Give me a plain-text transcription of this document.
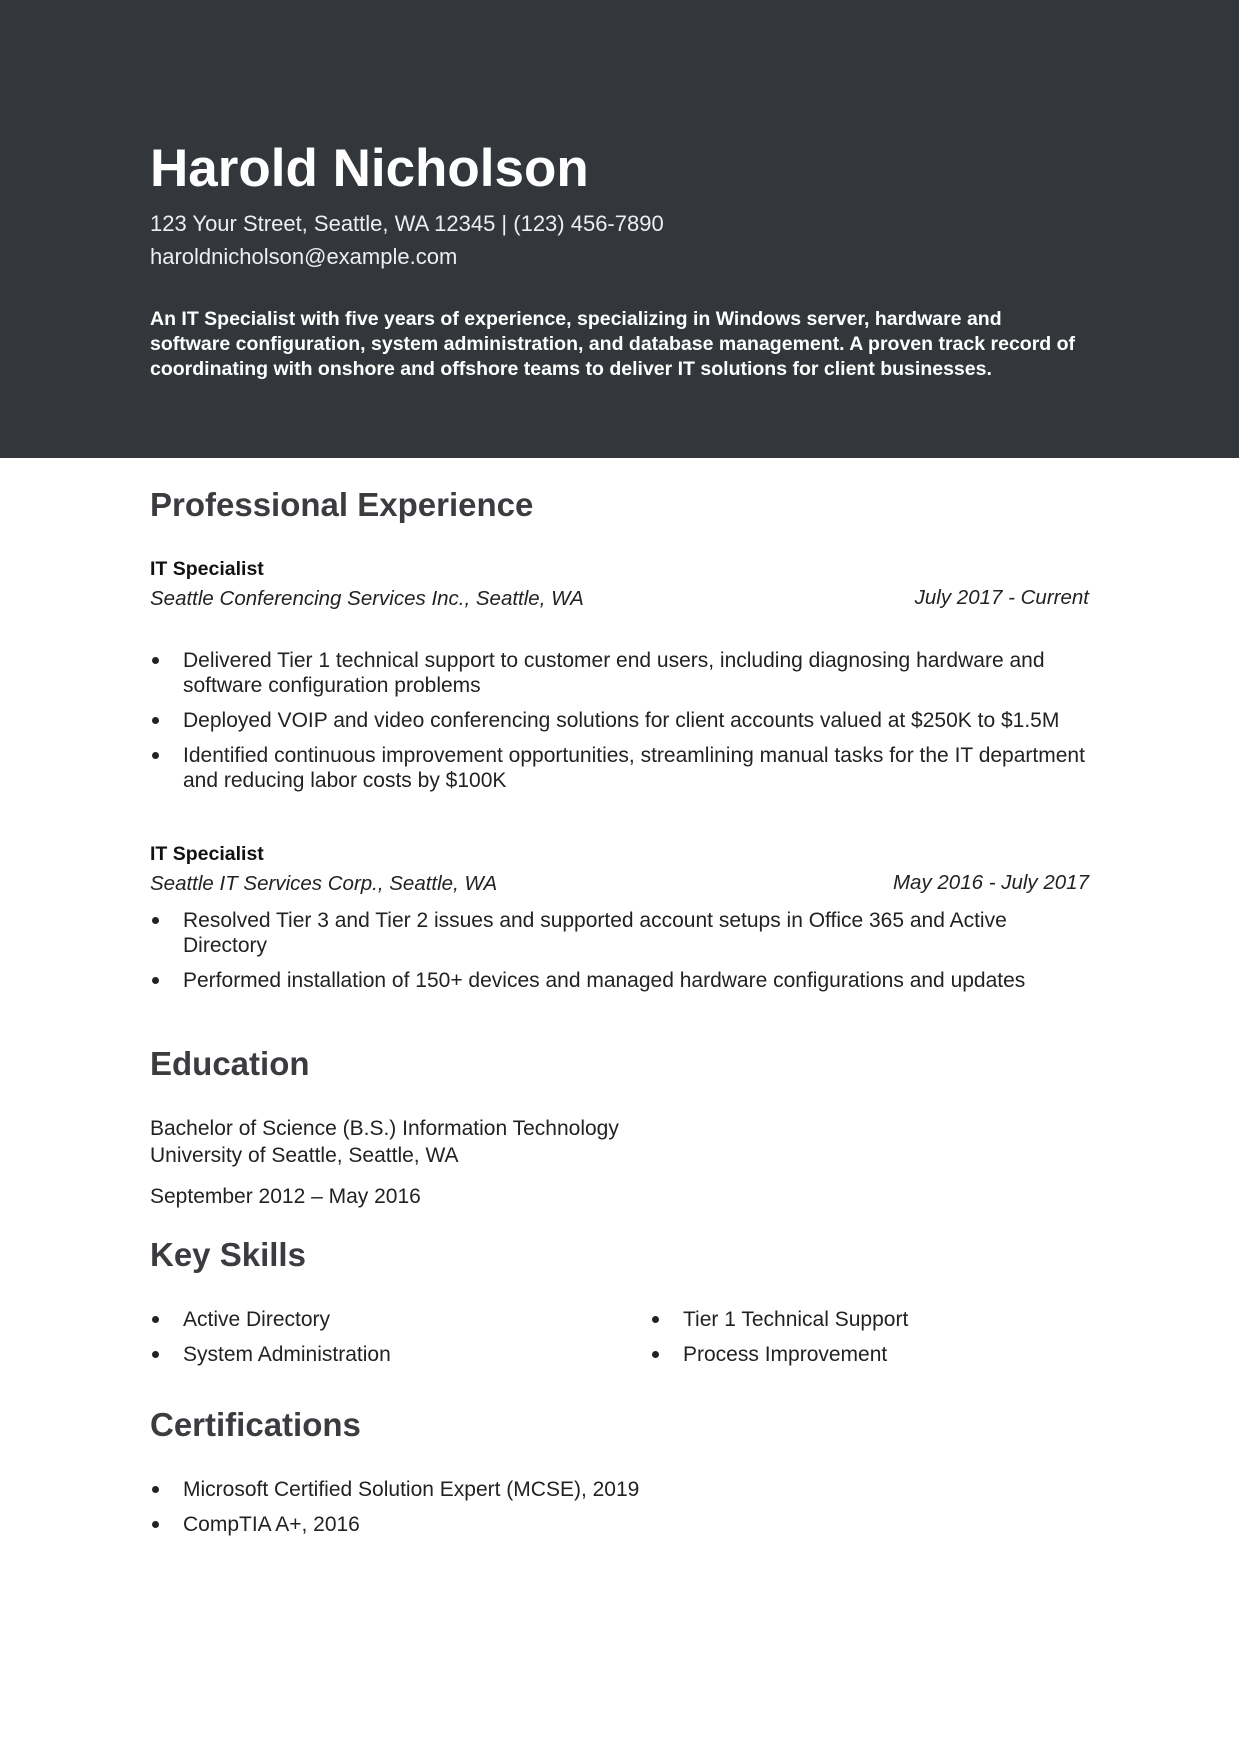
Harold Nicholson
123 Your Street, Seattle, WA 12345 | (123) 456-7890
haroldnicholson@example.com
An IT Specialist with five years of experience, specializing in Windows server, hardware and software configuration, system administration, and database management. A proven track record of coordinating with onshore and offshore teams to deliver IT solutions for client businesses.
Professional Experience
IT Specialist
Seattle Conferencing Services Inc., Seattle, WA	July 2017 - Current
Delivered Tier 1 technical support to customer end users, including diagnosing hardware and software configuration problems
Deployed VOIP and video conferencing solutions for client accounts valued at $250K to $1.5M
Identified continuous improvement opportunities, streamlining manual tasks for the IT department and reducing labor costs by $100K
IT Specialist
Seattle IT Services Corp., Seattle, WA	May 2016 - July 2017
Resolved Tier 3 and Tier 2 issues and supported account setups in Office 365 and Active Directory
Performed installation of 150+ devices and managed hardware configurations and updates
Education
Bachelor of Science (B.S.) Information Technology
University of Seattle, Seattle, WA
September 2012 – May 2016
Key Skills
Active Directory
System Administration
Tier 1 Technical Support
Process Improvement
Certifications
Microsoft Certified Solution Expert (MCSE), 2019
CompTIA A+, 2016
